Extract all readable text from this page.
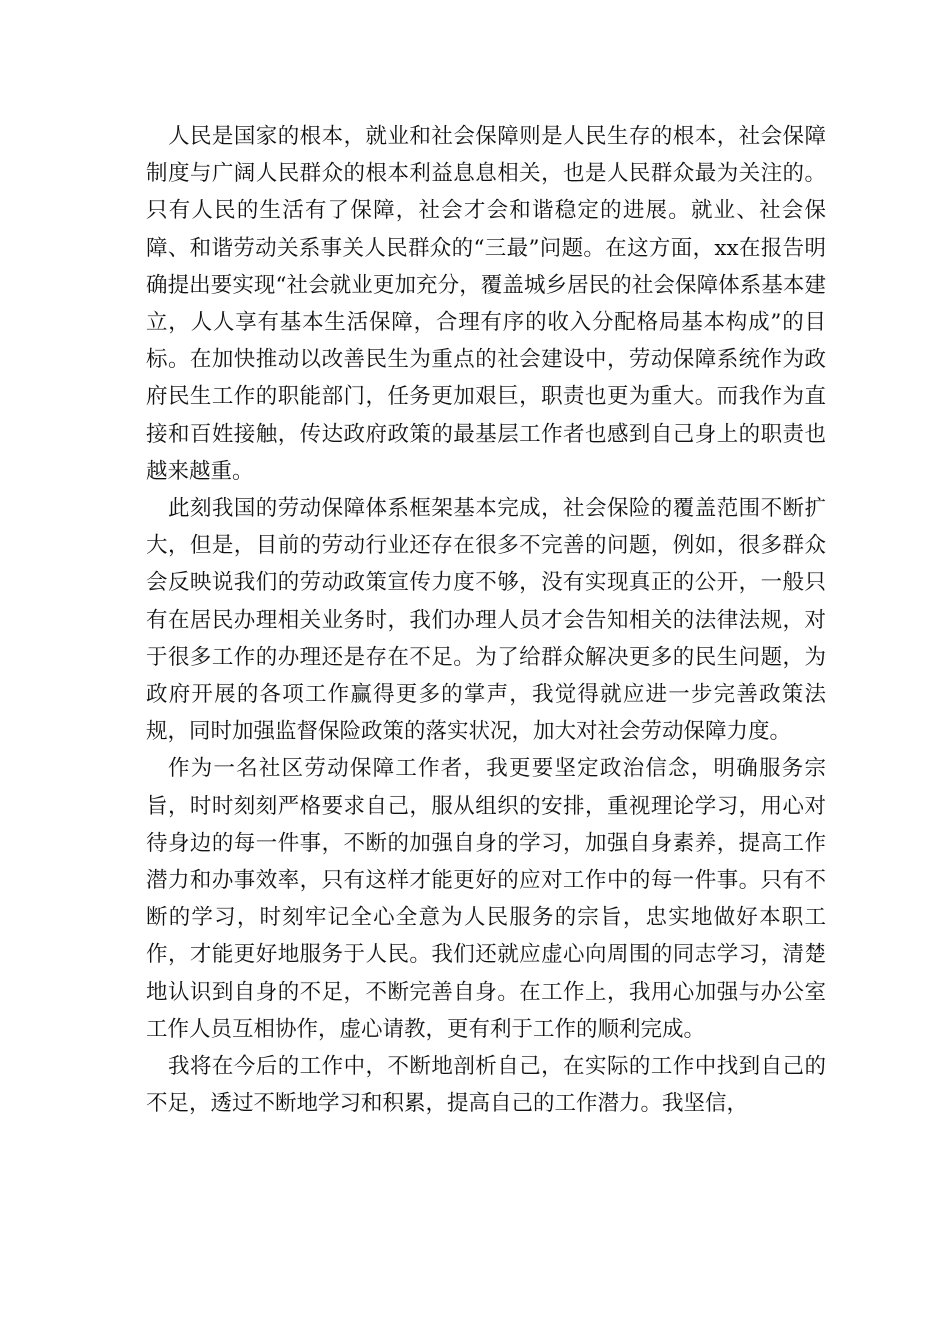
人民是国家的根本，就业和社会保障则是人民生存的根本，社会保障制度与广阔人民群众的根本利益息息相关，也是人民群众最为关注的。只有人民的生活有了保障，社会才会和谐稳定的进展。就业、社会保障、和谐劳动关系事关人民群众的“三最”问题。在这方面，xx在报告明确提出要实现“社会就业更加充分，覆盖城乡居民的社会保障体系基本建立，人人享有基本生活保障，合理有序的收入分配格局基本构成”的目标。在加快推动以改善民生为重点的社会建设中，劳动保障系统作为政府民生工作的职能部门，任务更加艰巨，职责也更为重大。而我作为直接和百姓接触，传达政府政策的最基层工作者也感到自己身上的职责也越来越重。

此刻我国的劳动保障体系框架基本完成，社会保险的覆盖范围不断扩大，但是，目前的劳动行业还存在很多不完善的问题，例如，很多群众会反映说我们的劳动政策宣传力度不够，没有实现真正的公开，一般只有在居民办理相关业务时，我们办理人员才会告知相关的法律法规，对于很多工作的办理还是存在不足。为了给群众解决更多的民生问题，为政府开展的各项工作赢得更多的掌声，我觉得就应进一步完善政策法规，同时加强监督保险政策的落实状况，加大对社会劳动保障力度。

作为一名社区劳动保障工作者，我更要坚定政治信念，明确服务宗旨，时时刻刻严格要求自己，服从组织的安排，重视理论学习，用心对待身边的每一件事，不断的加强自身的学习，加强自身素养，提高工作潜力和办事效率，只有这样才能更好的应对工作中的每一件事。只有不断的学习，时刻牢记全心全意为人民服务的宗旨，忠实地做好本职工作，才能更好地服务于人民。我们还就应虚心向周围的同志学习，清楚地认识到自身的不足，不断完善自身。在工作上，我用心加强与办公室工作人员互相协作，虚心请教，更有利于工作的顺利完成。

我将在今后的工作中，不断地剖析自己，在实际的工作中找到自己的不足，透过不断地学习和积累，提高自己的工作潜力。我坚信，
